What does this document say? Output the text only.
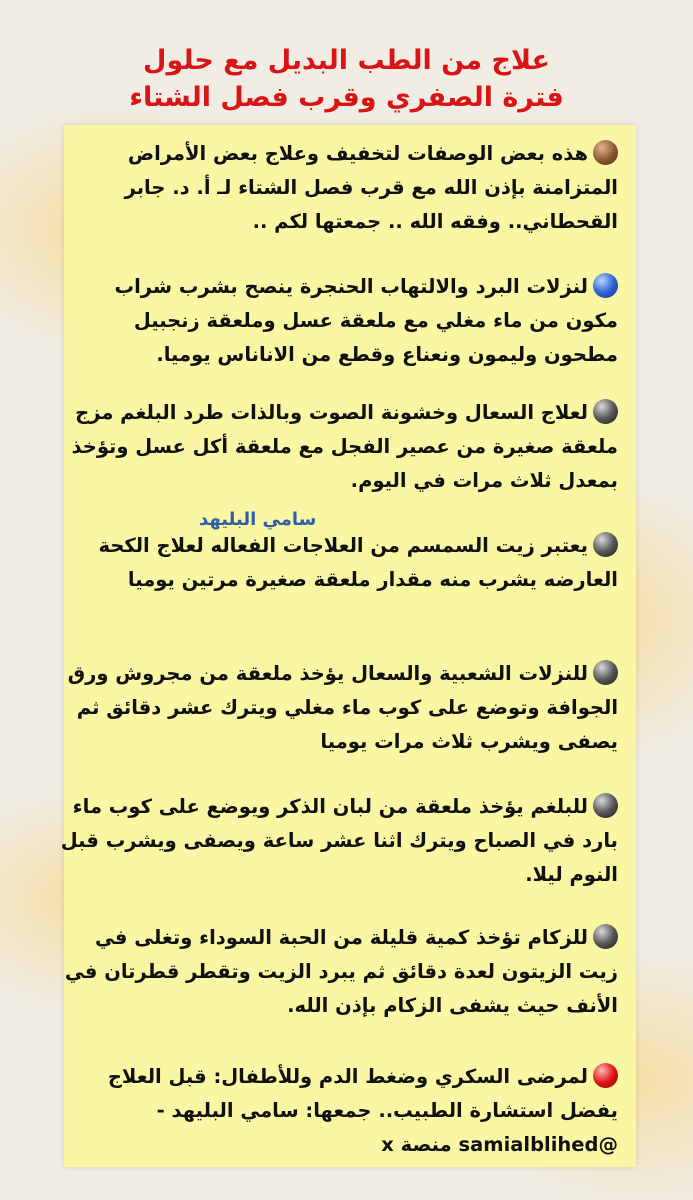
علاج من الطب البديل مع حلول
فترة الصفري وقرب فصل الشتاء
هذه بعض الوصفات لتخفيف وعلاج بعض الأمراض المتزامنة بإذن الله مع قرب فصل الشتاء لـ أ. د. جابر القحطاني.. وفقه الله .. جمعتها لكم ..
لنزلات البرد والالتهاب الحنجرة ينصح بشرب شراب مكون من ماء مغلي مع ملعقة عسل وملعقة زنجبيل مطحون وليمون ونعناع وقطع من الاناناس يوميا.
لعلاج السعال وخشونة الصوت وبالذات طرد البلغم مزج ملعقة صغيرة من عصير الفجل مع ملعقة أكل عسل وتؤخذ بمعدل ثلاث مرات في اليوم.
سامي البليهد
يعتبر زيت السمسم من العلاجات الفعاله لعلاج الكحة العارضه يشرب منه مقدار ملعقة صغيرة مرتين يوميا
للنزلات الشعبية والسعال يؤخذ ملعقة من مجروش ورق الجوافة وتوضع على كوب ماء مغلي ويترك عشر دقائق ثم يصفى ويشرب ثلاث مرات يوميا
للبلغم يؤخذ ملعقة من لبان الذكر ويوضع على كوب ماء بارد في الصباح ويترك اثنا عشر ساعة ويصفى ويشرب قبل النوم ليلا.
للزكام تؤخذ كمية قليلة من الحبة السوداء وتغلى في زيت الزيتون لعدة دقائق ثم يبرد الزيت وتقطر قطرتان في الأنف حيث يشفى الزكام بإذن الله.
لمرضى السكري وضغط الدم وللأطفال: قبل العلاج يفضل استشارة الطبيب.. جمعها: سامي البليهد - @samialblihed منصة x
